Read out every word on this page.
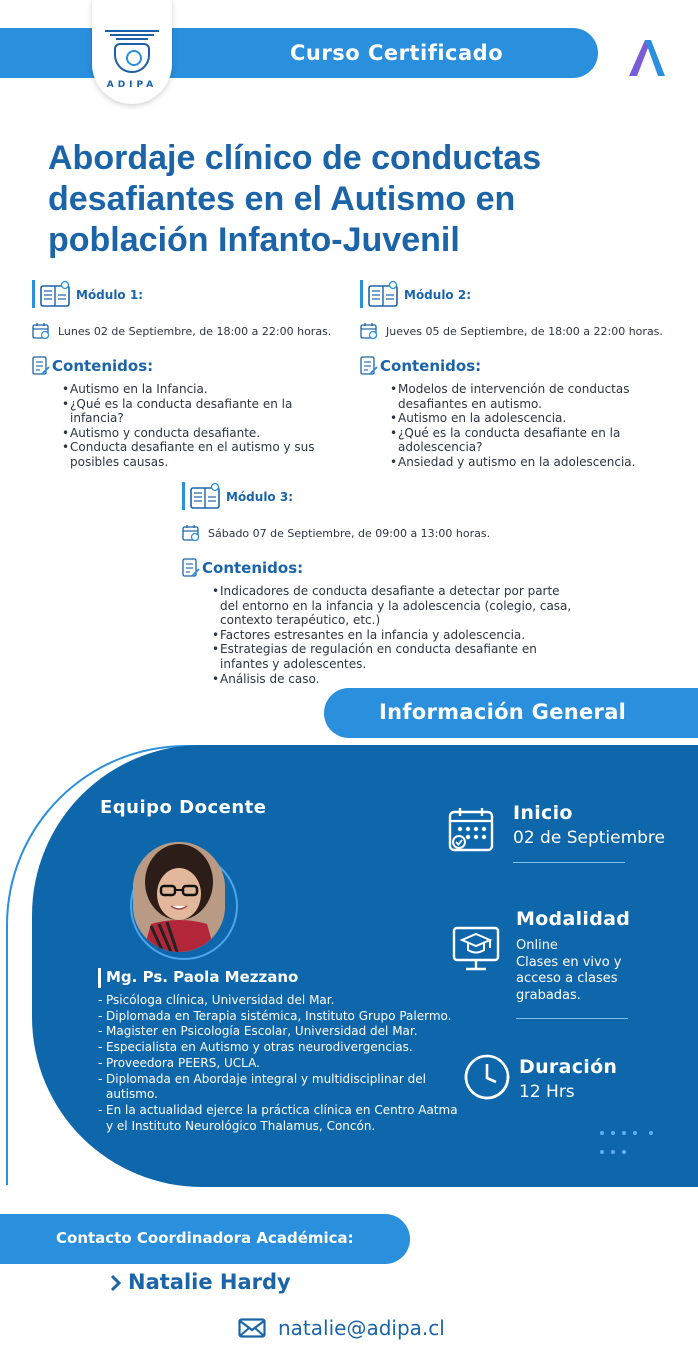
Curso Certificado
ADIPA
Abordaje clínico de conductas
desafiantes en el Autismo en
población Infanto-Juvenil
Módulo 1:
Lunes 02 de Septiembre, de 18:00 a 22:00 horas.
Contenidos:
• Autismo en la Infancia.
• ¿Qué es la conducta desafiante en la infancia?
• Autismo y conducta desafiante.
• Conducta desafiante en el autismo y sus posibles causas.
Módulo 2:
Jueves 05 de Septiembre, de 18:00 a 22:00 horas.
Contenidos:
• Modelos de intervención de conductas desafiantes en autismo.
• Autismo en la adolescencia.
• ¿Qué es la conducta desafiante en la adolescencia?
• Ansiedad y autismo en la adolescencia.
Módulo 3:
Sábado 07 de Septiembre, de 09:00 a 13:00 horas.
Contenidos:
• Indicadores de conducta desafiante a detectar por parte del entorno en la infancia y la adolescencia (colegio, casa, contexto terapéutico, etc.)
• Factores estresantes en la infancia y adolescencia.
• Estrategias de regulación en conducta desafiante en infantes y adolescentes.
• Análisis de caso.
Información General
Equipo Docente
Mg. Ps. Paola Mezzano
- Psicóloga clínica, Universidad del Mar.
- Diplomada en Terapia sistémica, Instituto Grupo Palermo.
- Magister en Psicología Escolar, Universidad del Mar.
- Especialista en Autismo y otras neurodivergencias.
- Proveedora PEERS, UCLA.
- Diplomada en Abordaje integral y multidisciplinar del autismo.
- En la actualidad ejerce la práctica clínica en Centro Aatma y el Instituto Neurológico Thalamus, Concón.
Inicio
02 de Septiembre
Modalidad
Online
Clases en vivo y
acceso a clases
grabadas.
Duración
12 Hrs

Contacto Coordinadora Académica:
Natalie Hardy
natalie@adipa.cl
